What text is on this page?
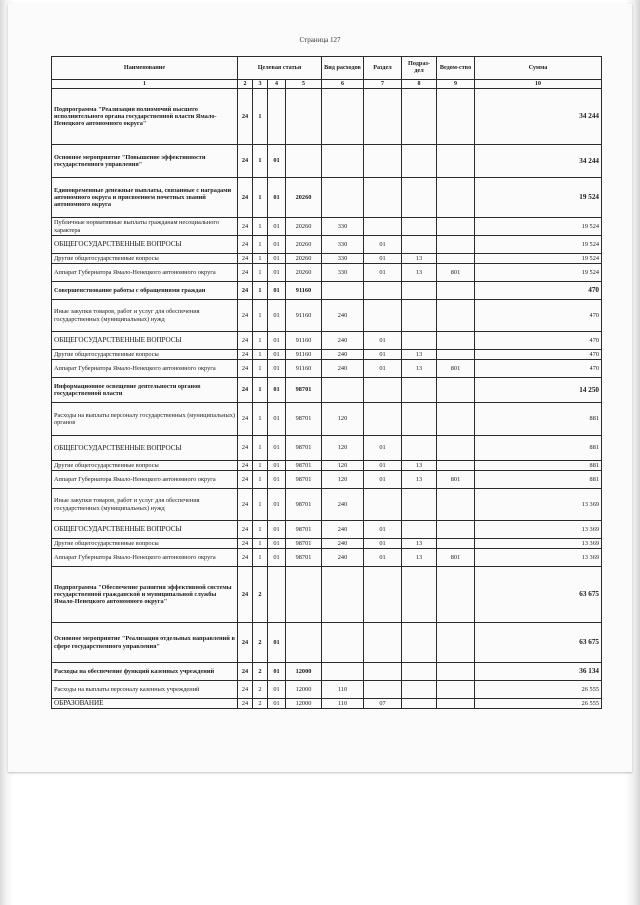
Страница 127
Наименование	Целевая статья				Вид расходов	Раздел	Подраз-дел	Ведом-ство	Сумма
1	2	3	4	5	6	7	8	9	10
Подпрограмма "Реализация полномочий высшего исполнительного органа государственной власти Ямало-Ненецкого автономного округа"	24	1							34 244
Основное мероприятие "Повышение эффективности государственного управления"	24	1	01						34 244
Единовременные денежные выплаты, связанные с наградами автономного округа и присвоением почетных званий автономного округа	24	1	01	20260					19 524
Публичные нормативные выплаты гражданам несоциального характера	24	1	01	20260	330				19 524
ОБЩЕГОСУДАРСТВЕННЫЕ ВОПРОСЫ	24	1	01	20260	330	01			19 524
Другие общегосударственные вопросы	24	1	01	20260	330	01	13		19 524
Аппарат Губернатора Ямало-Ненецкого автономного округа	24	1	01	20260	330	01	13	801	19 524
Совершенствование работы с обращениями граждан	24	1	01	91160					470
Иные закупки товаров, работ и услуг для обеспечения государственных (муниципальных) нужд	24	1	01	91160	240				470
ОБЩЕГОСУДАРСТВЕННЫЕ ВОПРОСЫ	24	1	01	91160	240	01			470
Другие общегосударственные вопросы	24	1	01	91160	240	01	13		470
Аппарат Губернатора Ямало-Ненецкого автономного округа	24	1	01	91160	240	01	13	801	470
Информационное освещение деятельности органов государственной власти	24	1	01	98701					14 250
Расходы на выплаты персоналу государственных (муниципальных) органов	24	1	01	98701	120				881
ОБЩЕГОСУДАРСТВЕННЫЕ ВОПРОСЫ	24	1	01	98701	120	01			881
Другие общегосударственные вопросы	24	1	01	98701	120	01	13		881
Аппарат Губернатора Ямало-Ненецкого автономного округа	24	1	01	98701	120	01	13	801	881
Иные закупки товаров, работ и услуг для обеспечения государственных (муниципальных) нужд	24	1	01	98701	240				13 369
ОБЩЕГОСУДАРСТВЕННЫЕ ВОПРОСЫ	24	1	01	98701	240	01			13 369
Другие общегосударственные вопросы	24	1	01	98701	240	01	13		13 369
Аппарат Губернатора Ямало-Ненецкого автономного округа	24	1	01	98701	240	01	13	801	13 369
Подпрограмма "Обеспечение развития эффективной системы государственной гражданской и муниципальной службы Ямало-Ненецкого автономного округа"	24	2							63 675
Основное мероприятие "Реализация отдельных направлений в сфере государственного управления"	24	2	01						63 675
Расходы на обеспечение функций казенных учреждений	24	2	01	12000					36 134
Расходы на выплаты персоналу казенных учреждений	24	2	01	12000	110				26 555
ОБРАЗОВАНИЕ	24	2	01	12000	110	07			26 555
